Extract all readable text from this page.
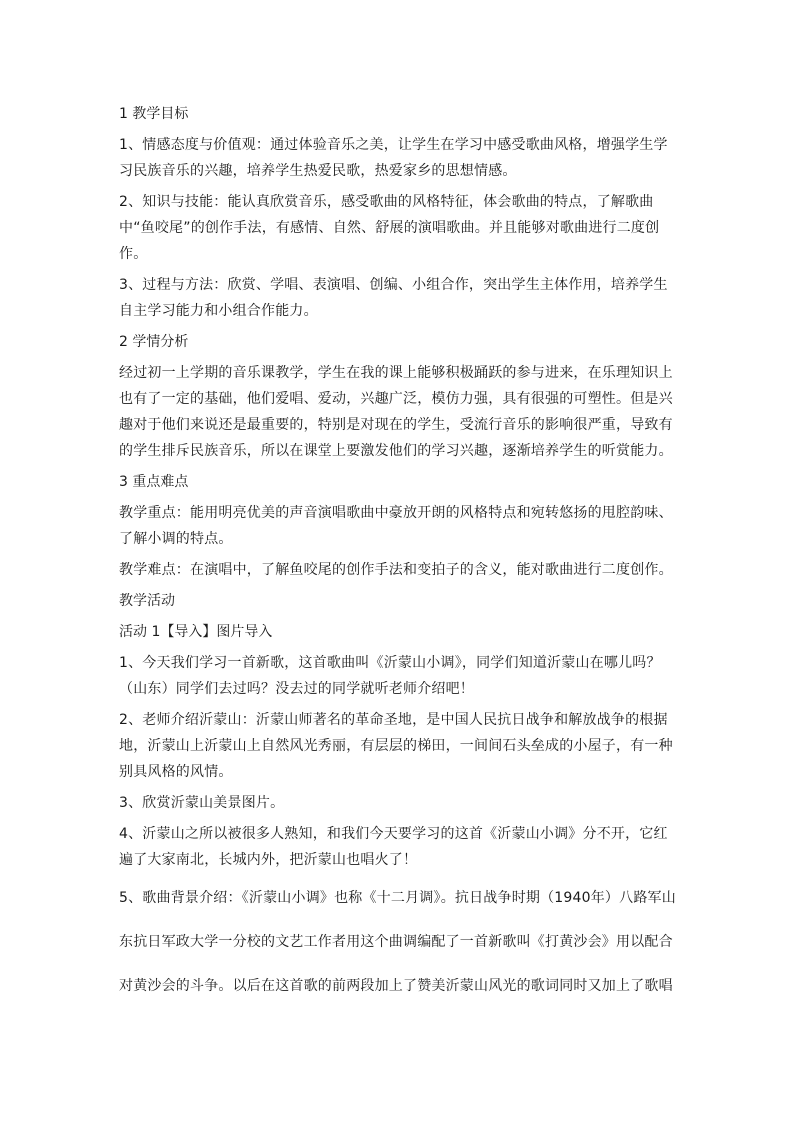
1 教学目标

1、情感态度与价值观：通过体验音乐之美，让学生在学习中感受歌曲风格，增强学生学习民族音乐的兴趣，培养学生热爱民歌，热爱家乡的思想情感。

2、知识与技能：能认真欣赏音乐，感受歌曲的风格特征，体会歌曲的特点，了解歌曲中“鱼咬尾”的创作手法，有感情、自然、舒展的演唱歌曲。并且能够对歌曲进行二度创作。

3、过程与方法：欣赏、学唱、表演唱、创编、小组合作，突出学生主体作用，培养学生自主学习能力和小组合作能力。

2 学情分析

经过初一上学期的音乐课教学，学生在我的课上能够积极踊跃的参与进来，在乐理知识上也有了一定的基础，他们爱唱、爱动，兴趣广泛，模仿力强，具有很强的可塑性。但是兴趣对于他们来说还是最重要的，特别是对现在的学生，受流行音乐的影响很严重，导致有的学生排斥民族音乐，所以在课堂上要激发他们的学习兴趣，逐渐培养学生的听赏能力。

3 重点难点

教学重点：能用明亮优美的声音演唱歌曲中豪放开朗的风格特点和宛转悠扬的甩腔韵味、了解小调的特点。

教学难点：在演唱中，了解鱼咬尾的创作手法和变拍子的含义，能对歌曲进行二度创作。

教学活动

活动 1【导入】图片导入

1、今天我们学习一首新歌，这首歌曲叫《沂蒙山小调》，同学们知道沂蒙山在哪儿吗？（山东）同学们去过吗？没去过的同学就听老师介绍吧！

2、老师介绍沂蒙山：沂蒙山师著名的革命圣地，是中国人民抗日战争和解放战争的根据地，沂蒙山上沂蒙山上自然风光秀丽，有层层的梯田，一间间石头垒成的小屋子，有一种别具风格的风情。

3、欣赏沂蒙山美景图片。

4、沂蒙山之所以被很多人熟知，和我们今天要学习的这首《沂蒙山小调》分不开，它红遍了大家南北，长城内外，把沂蒙山也唱火了！

5、歌曲背景介绍：《沂蒙山小调》也称《十二月调》。抗日战争时期（1940年）八路军山东抗日军政大学一分校的文艺工作者用这个曲调编配了一首新歌叫《打黄沙会》用以配合对黄沙会的斗争。以后在这首歌的前两段加上了赞美沂蒙山风光的歌词同时又加上了歌唱
